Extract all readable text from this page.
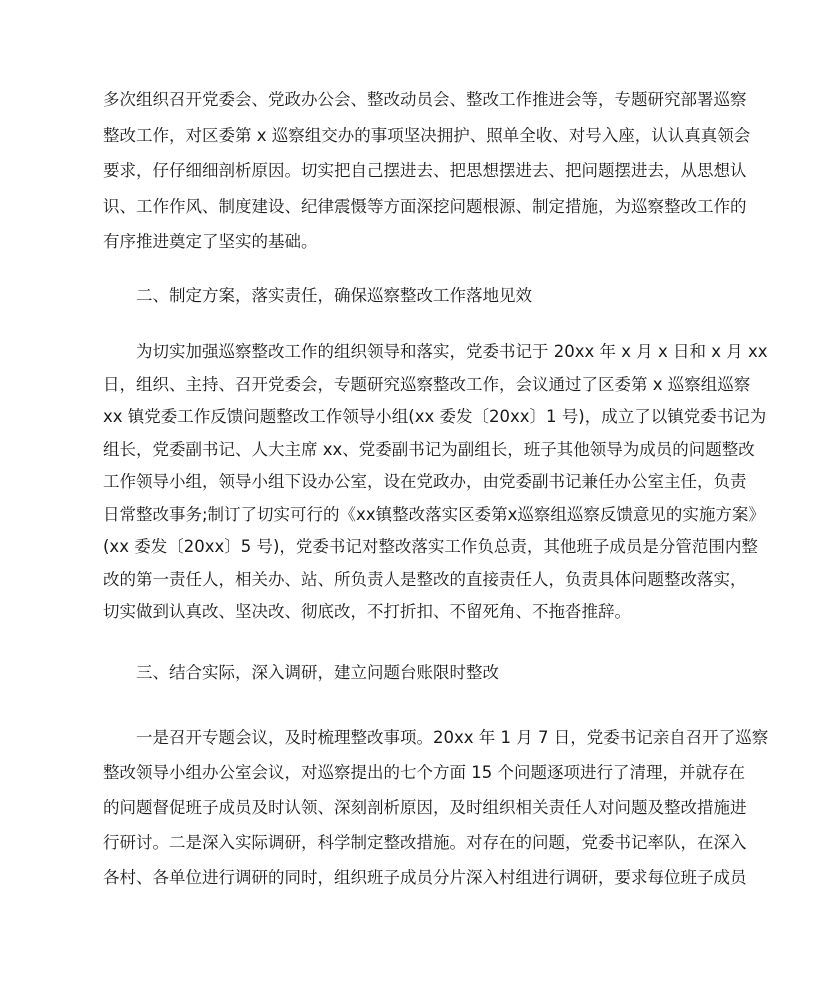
多次组织召开党委会、党政办公会、整改动员会、整改工作推进会等，专题研究部署巡察
整改工作，对区委第 x 巡察组交办的事项坚决拥护、照单全收、对号入座，认认真真领会
要求，仔仔细细剖析原因。切实把自己摆进去、把思想摆进去、把问题摆进去，从思想认
识、工作作风、制度建设、纪律震慑等方面深挖问题根源、制定措施，为巡察整改工作的
有序推进奠定了坚实的基础。
二、制定方案，落实责任，确保巡察整改工作落地见效
为切实加强巡察整改工作的组织领导和落实，党委书记于 20xx 年 x 月 x 日和 x 月 xx
日，组织、主持、召开党委会，专题研究巡察整改工作，会议通过了区委第 x 巡察组巡察
xx 镇党委工作反馈问题整改工作领导小组(xx 委发〔20xx〕1 号)，成立了以镇党委书记为
组长，党委副书记、人大主席 xx、党委副书记为副组长，班子其他领导为成员的问题整改
工作领导小组，领导小组下设办公室，设在党政办，由党委副书记兼任办公室主任，负责
日常整改事务;制订了切实可行的《xx镇整改落实区委第x巡察组巡察反馈意见的实施方案》
(xx 委发〔20xx〕5 号)，党委书记对整改落实工作负总责，其他班子成员是分管范围内整
改的第一责任人，相关办、站、所负责人是整改的直接责任人，负责具体问题整改落实，
切实做到认真改、坚决改、彻底改，不打折扣、不留死角、不拖沓推辞。
三、结合实际，深入调研，建立问题台账限时整改
一是召开专题会议，及时梳理整改事项。20xx 年 1 月 7 日，党委书记亲自召开了巡察
整改领导小组办公室会议，对巡察提出的七个方面 15 个问题逐项进行了清理，并就存在
的问题督促班子成员及时认领、深刻剖析原因，及时组织相关责任人对问题及整改措施进
行研讨。二是深入实际调研，科学制定整改措施。对存在的问题，党委书记率队，在深入
各村、各单位进行调研的同时，组织班子成员分片深入村组进行调研，要求每位班子成员
